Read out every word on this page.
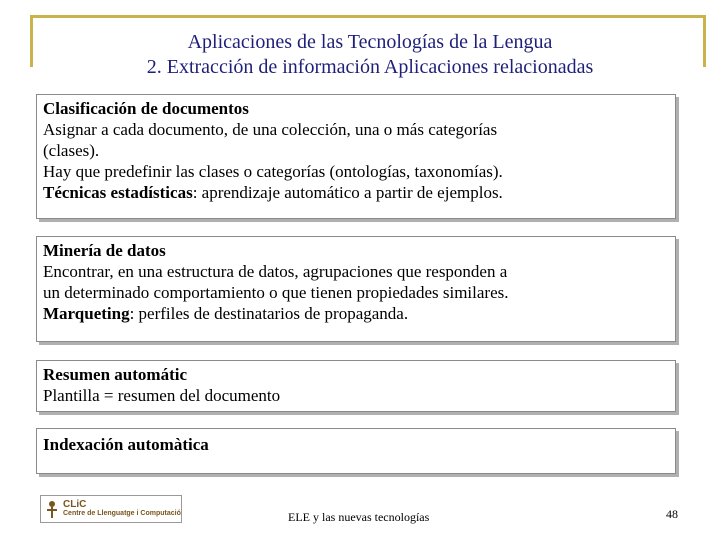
Aplicaciones de las Tecnologías de la Lengua
2. Extracción de información Aplicaciones relacionadas
Clasificación de documentos
Asignar a cada documento, de una colección, una o más categorías
(clases).
Hay que predefinir las clases o categorías (ontologías, taxonomías).
Técnicas estadísticas: aprendizaje automático a partir de ejemplos.
Minería de datos
Encontrar, en una estructura de datos, agrupaciones que responden a
un determinado comportamiento o que tienen propiedades similares.
Marqueting: perfiles de destinatarios de propaganda.
Resumen automátic
Plantilla = resumen del documento
Indexación automàtica
CLiC
Centre de Llenguatge i Computació	ELE y las nuevas tecnologías	48
